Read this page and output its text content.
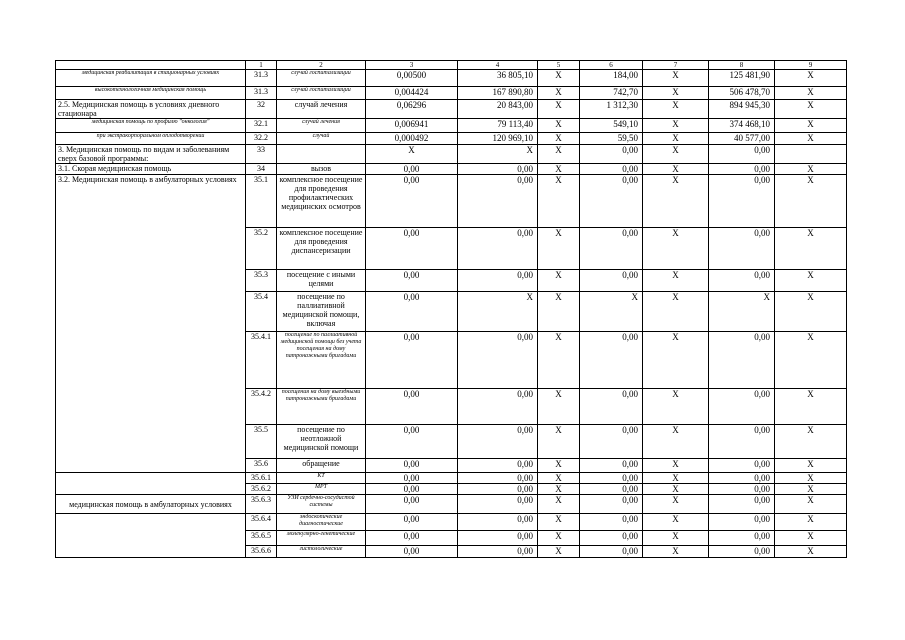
	1	2	3	4	5	6	7	8	9
медицинская реабилитация в стационарных условиях	31.3	случай госпитализации	0,00500	36 805,10	X	184,00	X	125 481,90	X
высокотехнологичная медицинская помощь	31.3	случай госпитализации	0,004424	167 890,80	X	742,70	X	506 478,70	X
2.5. Медицинская помощь в условиях дневного стационара	32	случай лечения	0,06296	20 843,00	X	1 312,30	X	894 945,30	X
медицинская помощь по профилю "онкология"	32.1	случай лечения	0,006941	79 113,40	X	549,10	X	374 468,10	X
при экстракорпоральном оплодотворении	32.2	случай	0,000492	120 969,10	X	59,50	X	40 577,00	X
3. Медицинская помощь по видам и заболеваниям сверх базовой программы:	33		X	X	X	0,00	X	0,00	
3.1. Скорая медицинская помощь	34	вызов	0,00	0,00	X	0,00	X	0,00	X
3.2. Медицинская помощь в амбулаторных условиях	35.1	комплексное посещение для проведения профилактических медицинских осмотров	0,00	0,00	X	0,00	X	0,00	X
	35.2	комплексное посещение для проведения диспансеризации	0,00	0,00	X	0,00	X	0,00	X
	35.3	посещение с иными целями	0,00	0,00	X	0,00	X	0,00	X
	35.4	посещение по паллиативной медицинской помощи, включая	0,00	X	X	X	X	X	X
	35.4.1	посещение по паллиативной медицинской помощи без учета посещения на дому патронажными бригадами	0,00	0,00	X	0,00	X	0,00	X
	35.4.2	посещения на дому выездными патронажными бригадами	0,00	0,00	X	0,00	X	0,00	X
	35.5	посещение по неотложной медицинской помощи	0,00	0,00	X	0,00	X	0,00	X
	35.6	обращение	0,00	0,00	X	0,00	X	0,00	X
	35.6.1	КТ	0,00	0,00	X	0,00	X	0,00	X
	35.6.2	МРТ	0,00	0,00	X	0,00	X	0,00	X
медицинская помощь в амбулаторных условиях	35.6.3	УЗИ сердечно-сосудистой системы	0,00	0,00	X	0,00	X	0,00	X
	35.6.4	эндоскопические диагностические	0,00	0,00	X	0,00	X	0,00	X
	35.6.5	молекулярно-генетические	0,00	0,00	X	0,00	X	0,00	X
	35.6.6	гистологические	0,00	0,00	X	0,00	X	0,00	X
